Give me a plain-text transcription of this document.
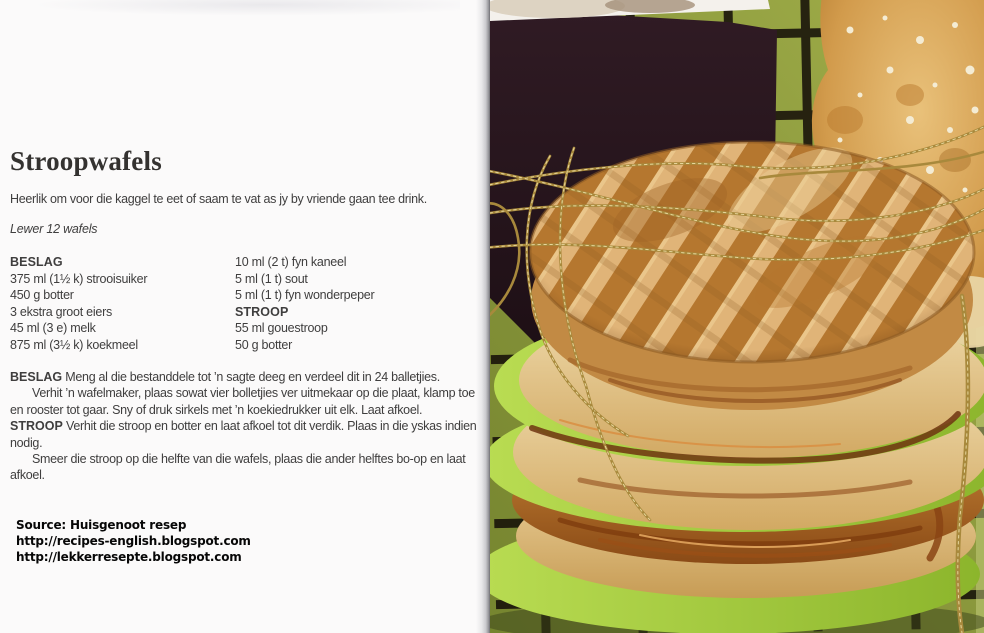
Stroopwafels

Heerlik om voor die kaggel te eet of saam te vat as jy by vriende gaan tee drink.

Lewer 12 wafels

BESLAG
375 ml (1½ k) strooisuiker
450 g botter
3 ekstra groot eiers
45 ml (3 e) melk
875 ml (3½ k) koekmeel
10 ml (2 t) fyn kaneel
5 ml (1 t) sout
5 ml (1 t) fyn wonderpeper
STROOP
55 ml gouestroop
50 g botter

BESLAG Meng al die bestanddele tot ’n sagte deeg en verdeel dit in 24 balletjies.

Verhit ’n wafelmaker, plaas sowat vier bolletjies ver uitmekaar op die plaat, klamp toe en rooster tot gaar. Sny of druk sirkels met ’n koekiedrukker uit elk. Laat afkoel.

STROOP Verhit die stroop en botter en laat afkoel tot dit verdik. Plaas in die yskas indien nodig.

Smeer die stroop op die helfte van die wafels, plaas die ander helftes bo-op en laat afkoel.

Source: Huisgenoot resep
http://recipes-english.blogspot.com
http://lekkerresepte.blogspot.com
